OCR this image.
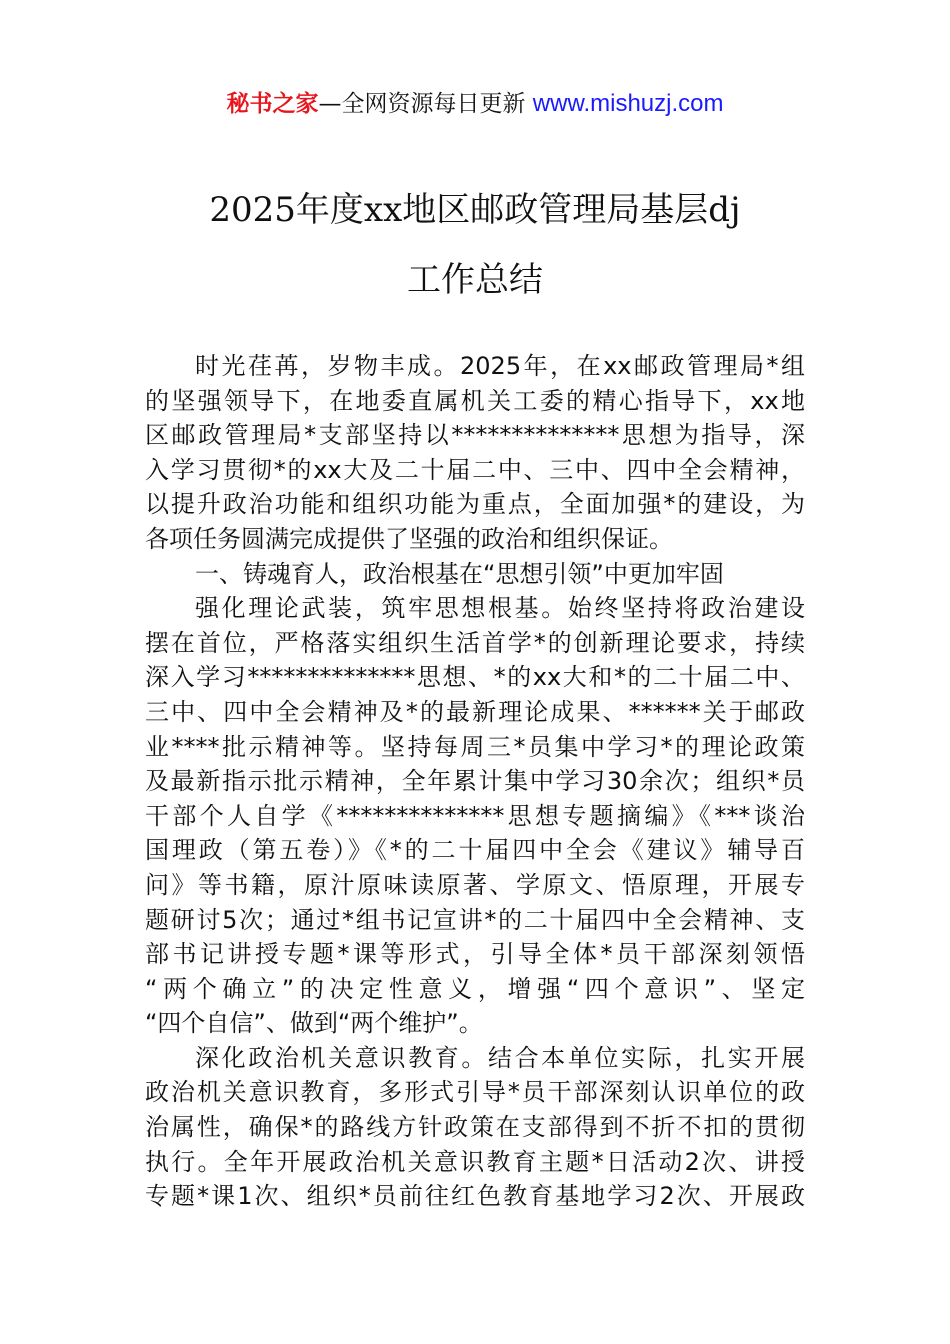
秘书之家—全网资源每日更新 www.mishuzj.com
2025年度xx地区邮政管理局基层dj
工作总结
时光荏苒，岁物丰成。2025年，在xx邮政管理局*组
的坚强领导下，在地委直属机关工委的精心指导下，xx地
区邮政管理局*支部坚持以**************思想为指导，深
入学习贯彻*的xx大及二十届二中、三中、四中全会精神，
以提升政治功能和组织功能为重点，全面加强*的建设，为
各项任务圆满完成提供了坚强的政治和组织保证。
一、铸魂育人，政治根基在“思想引领”中更加牢固
强化理论武装，筑牢思想根基。始终坚持将政治建设
摆在首位，严格落实组织生活首学*的创新理论要求，持续
深入学习**************思想、*的xx大和*的二十届二中、
三中、四中全会精神及*的最新理论成果、******关于邮政
业****批示精神等。坚持每周三*员集中学习*的理论政策
及最新指示批示精神，全年累计集中学习30余次；组织*员
干部个人自学《**************思想专题摘编》《***谈治
国理政（第五卷）》《*的二十届四中全会《建议》辅导百
问》等书籍，原汁原味读原著、学原文、悟原理，开展专
题研讨5次；通过*组书记宣讲*的二十届四中全会精神、支
部书记讲授专题*课等形式，引导全体*员干部深刻领悟
“两个确立”的决定性意义，增强“四个意识”、坚定
“四个自信”、做到“两个维护”。
深化政治机关意识教育。结合本单位实际，扎实开展
政治机关意识教育，多形式引导*员干部深刻认识单位的政
治属性，确保*的路线方针政策在支部得到不折不扣的贯彻
执行。全年开展政治机关意识教育主题*日活动2次、讲授
专题*课1次、组织*员前往红色教育基地学习2次、开展政
